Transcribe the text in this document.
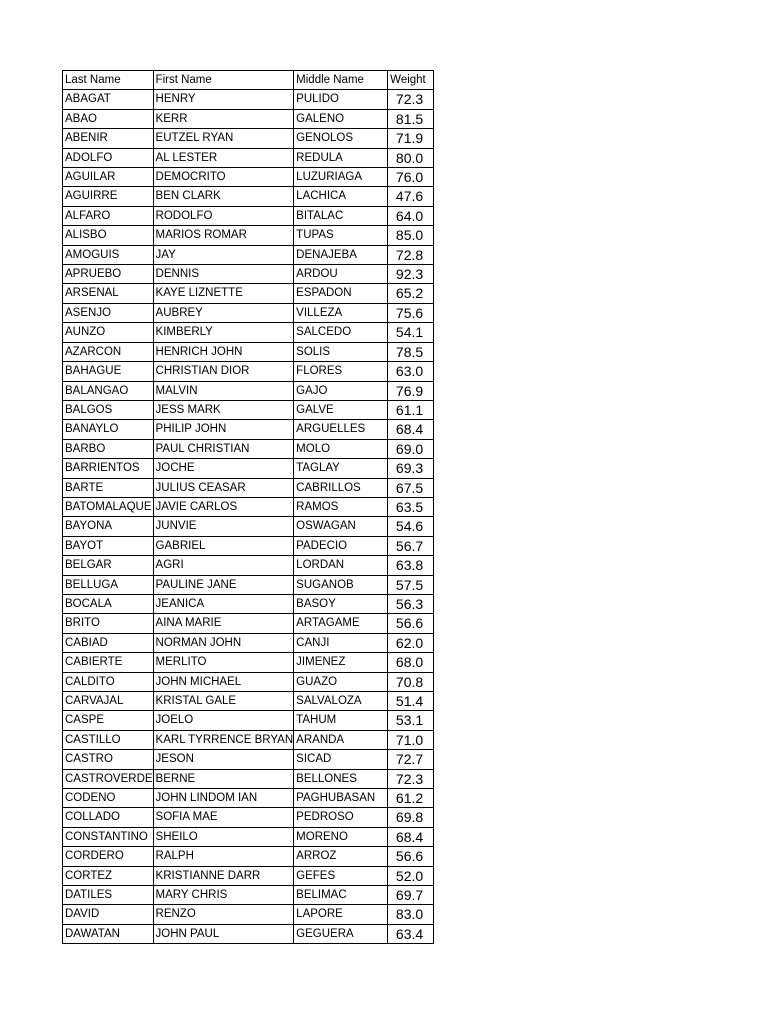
Last Name	First Name	Middle Name	Weight
ABAGAT	HENRY	PULIDO	72.3
ABAO	KERR	GALENO	81.5
ABENIR	EUTZEL RYAN	GENOLOS	71.9
ADOLFO	AL LESTER	REDULA	80.0
AGUILAR	DEMOCRITO	LUZURIAGA	76.0
AGUIRRE	BEN CLARK	LACHICA	47.6
ALFARO	RODOLFO	BITALAC	64.0
ALISBO	MARIOS ROMAR	TUPAS	85.0
AMOGUIS	JAY	DENAJEBA	72.8
APRUEBO	DENNIS	ARDOU	92.3
ARSENAL	KAYE LIZNETTE	ESPADON	65.2
ASENJO	AUBREY	VILLEZA	75.6
AUNZO	KIMBERLY	SALCEDO	54.1
AZARCON	HENRICH JOHN	SOLIS	78.5
BAHAGUE	CHRISTIAN DIOR	FLORES	63.0
BALANGAO	MALVIN	GAJO	76.9
BALGOS	JESS MARK	GALVE	61.1
BANAYLO	PHILIP JOHN	ARGUELLES	68.4
BARBO	PAUL CHRISTIAN	MOLO	69.0
BARRIENTOS	JOCHE	TAGLAY	69.3
BARTE	JULIUS CEASAR	CABRILLOS	67.5
BATOMALAQUE	JAVIE CARLOS	RAMOS	63.5
BAYONA	JUNVIE	OSWAGAN	54.6
BAYOT	GABRIEL	PADECIO	56.7
BELGAR	AGRI	LORDAN	63.8
BELLUGA	PAULINE JANE	SUGANOB	57.5
BOCALA	JEANICA	BASOY	56.3
BRITO	AINA MARIE	ARTAGAME	56.6
CABIAD	NORMAN JOHN	CANJI	62.0
CABIERTE	MERLITO	JIMENEZ	68.0
CALDITO	JOHN MICHAEL	GUAZO	70.8
CARVAJAL	KRISTAL GALE	SALVALOZA	51.4
CASPE	JOELO	TAHUM	53.1
CASTILLO	KARL TYRRENCE BRYAN	ARANDA	71.0
CASTRO	JESON	SICAD	72.7
CASTROVERDE	BERNE	BELLONES	72.3
CODENO	JOHN LINDOM IAN	PAGHUBASAN	61.2
COLLADO	SOFIA MAE	PEDROSO	69.8
CONSTANTINO	SHEILO	MORENO	68.4
CORDERO	RALPH	ARROZ	56.6
CORTEZ	KRISTIANNE DARR	GEFES	52.0
DATILES	MARY CHRIS	BELIMAC	69.7
DAVID	RENZO	LAPORE	83.0
DAWATAN	JOHN PAUL	GEGUERA	63.4
